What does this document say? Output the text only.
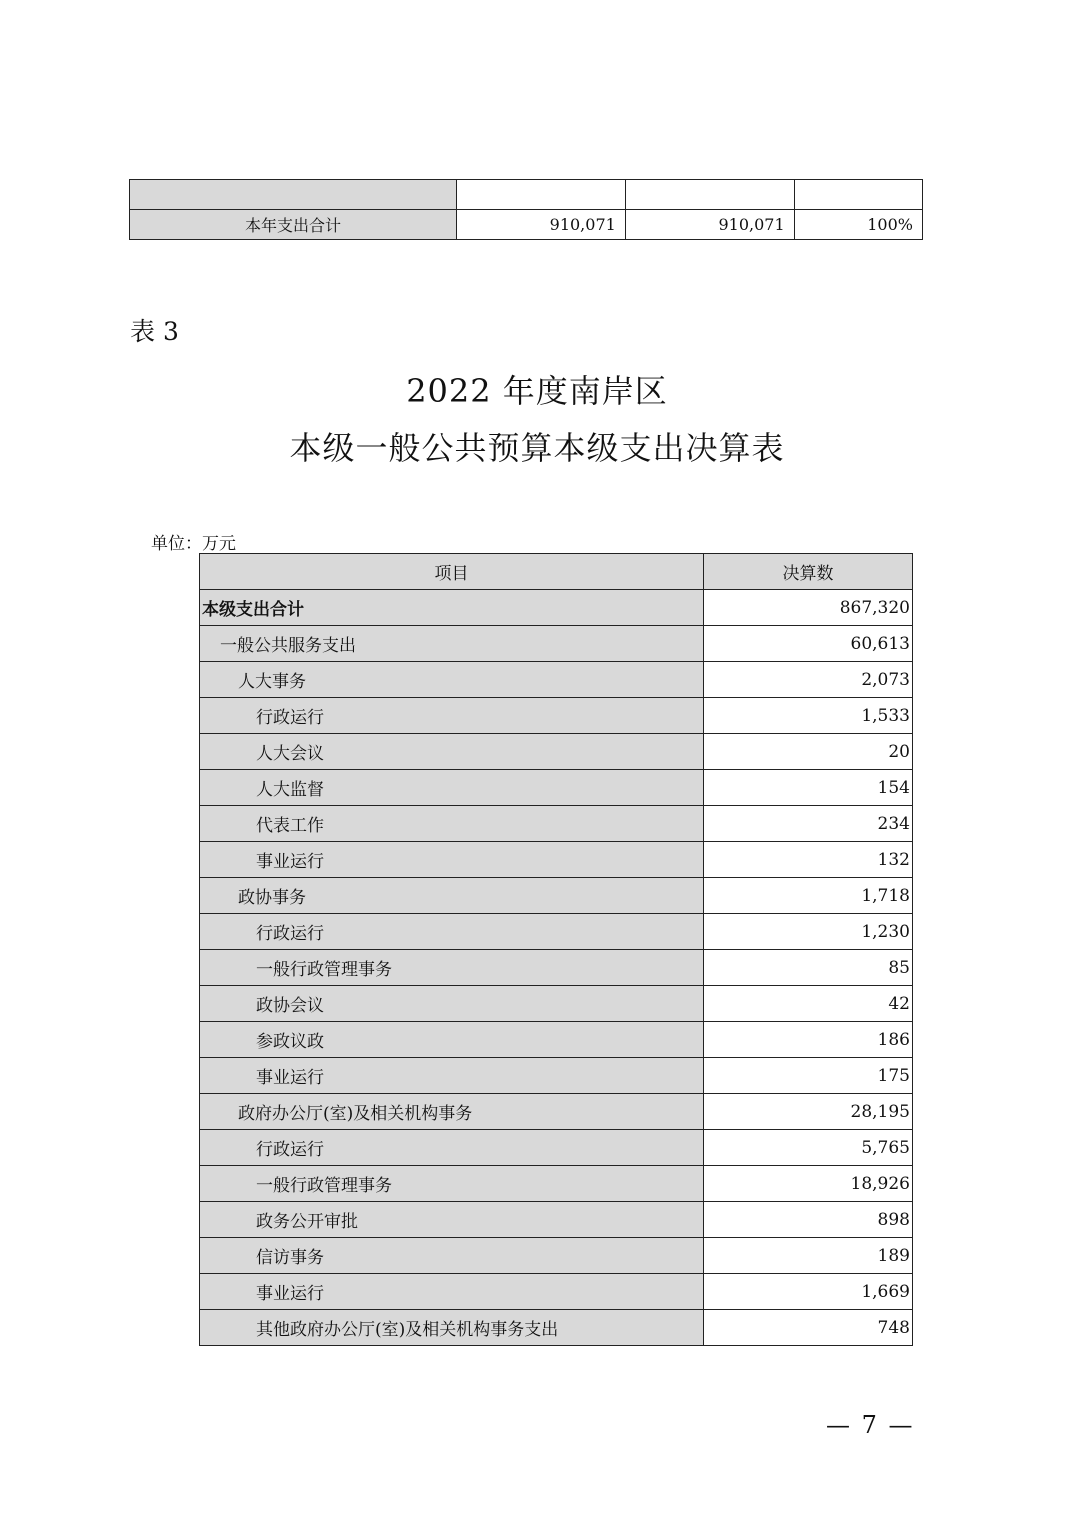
本年支出合计	910,071	910,071	100%
表 3
2022 年度南岸区
本级一般公共预算本级支出决算表
单位：万元
项目	决算数
本级支出合计	867,320
一般公共服务支出	60,613
人大事务	2,073
行政运行	1,533
人大会议	20
人大监督	154
代表工作	234
事业运行	132
政协事务	1,718
行政运行	1,230
一般行政管理事务	85
政协会议	42
参政议政	186
事业运行	175
政府办公厅(室)及相关机构事务	28,195
行政运行	5,765
一般行政管理事务	18,926
政务公开审批	898
信访事务	189
事业运行	1,669
其他政府办公厅(室)及相关机构事务支出	748
— 7 —
